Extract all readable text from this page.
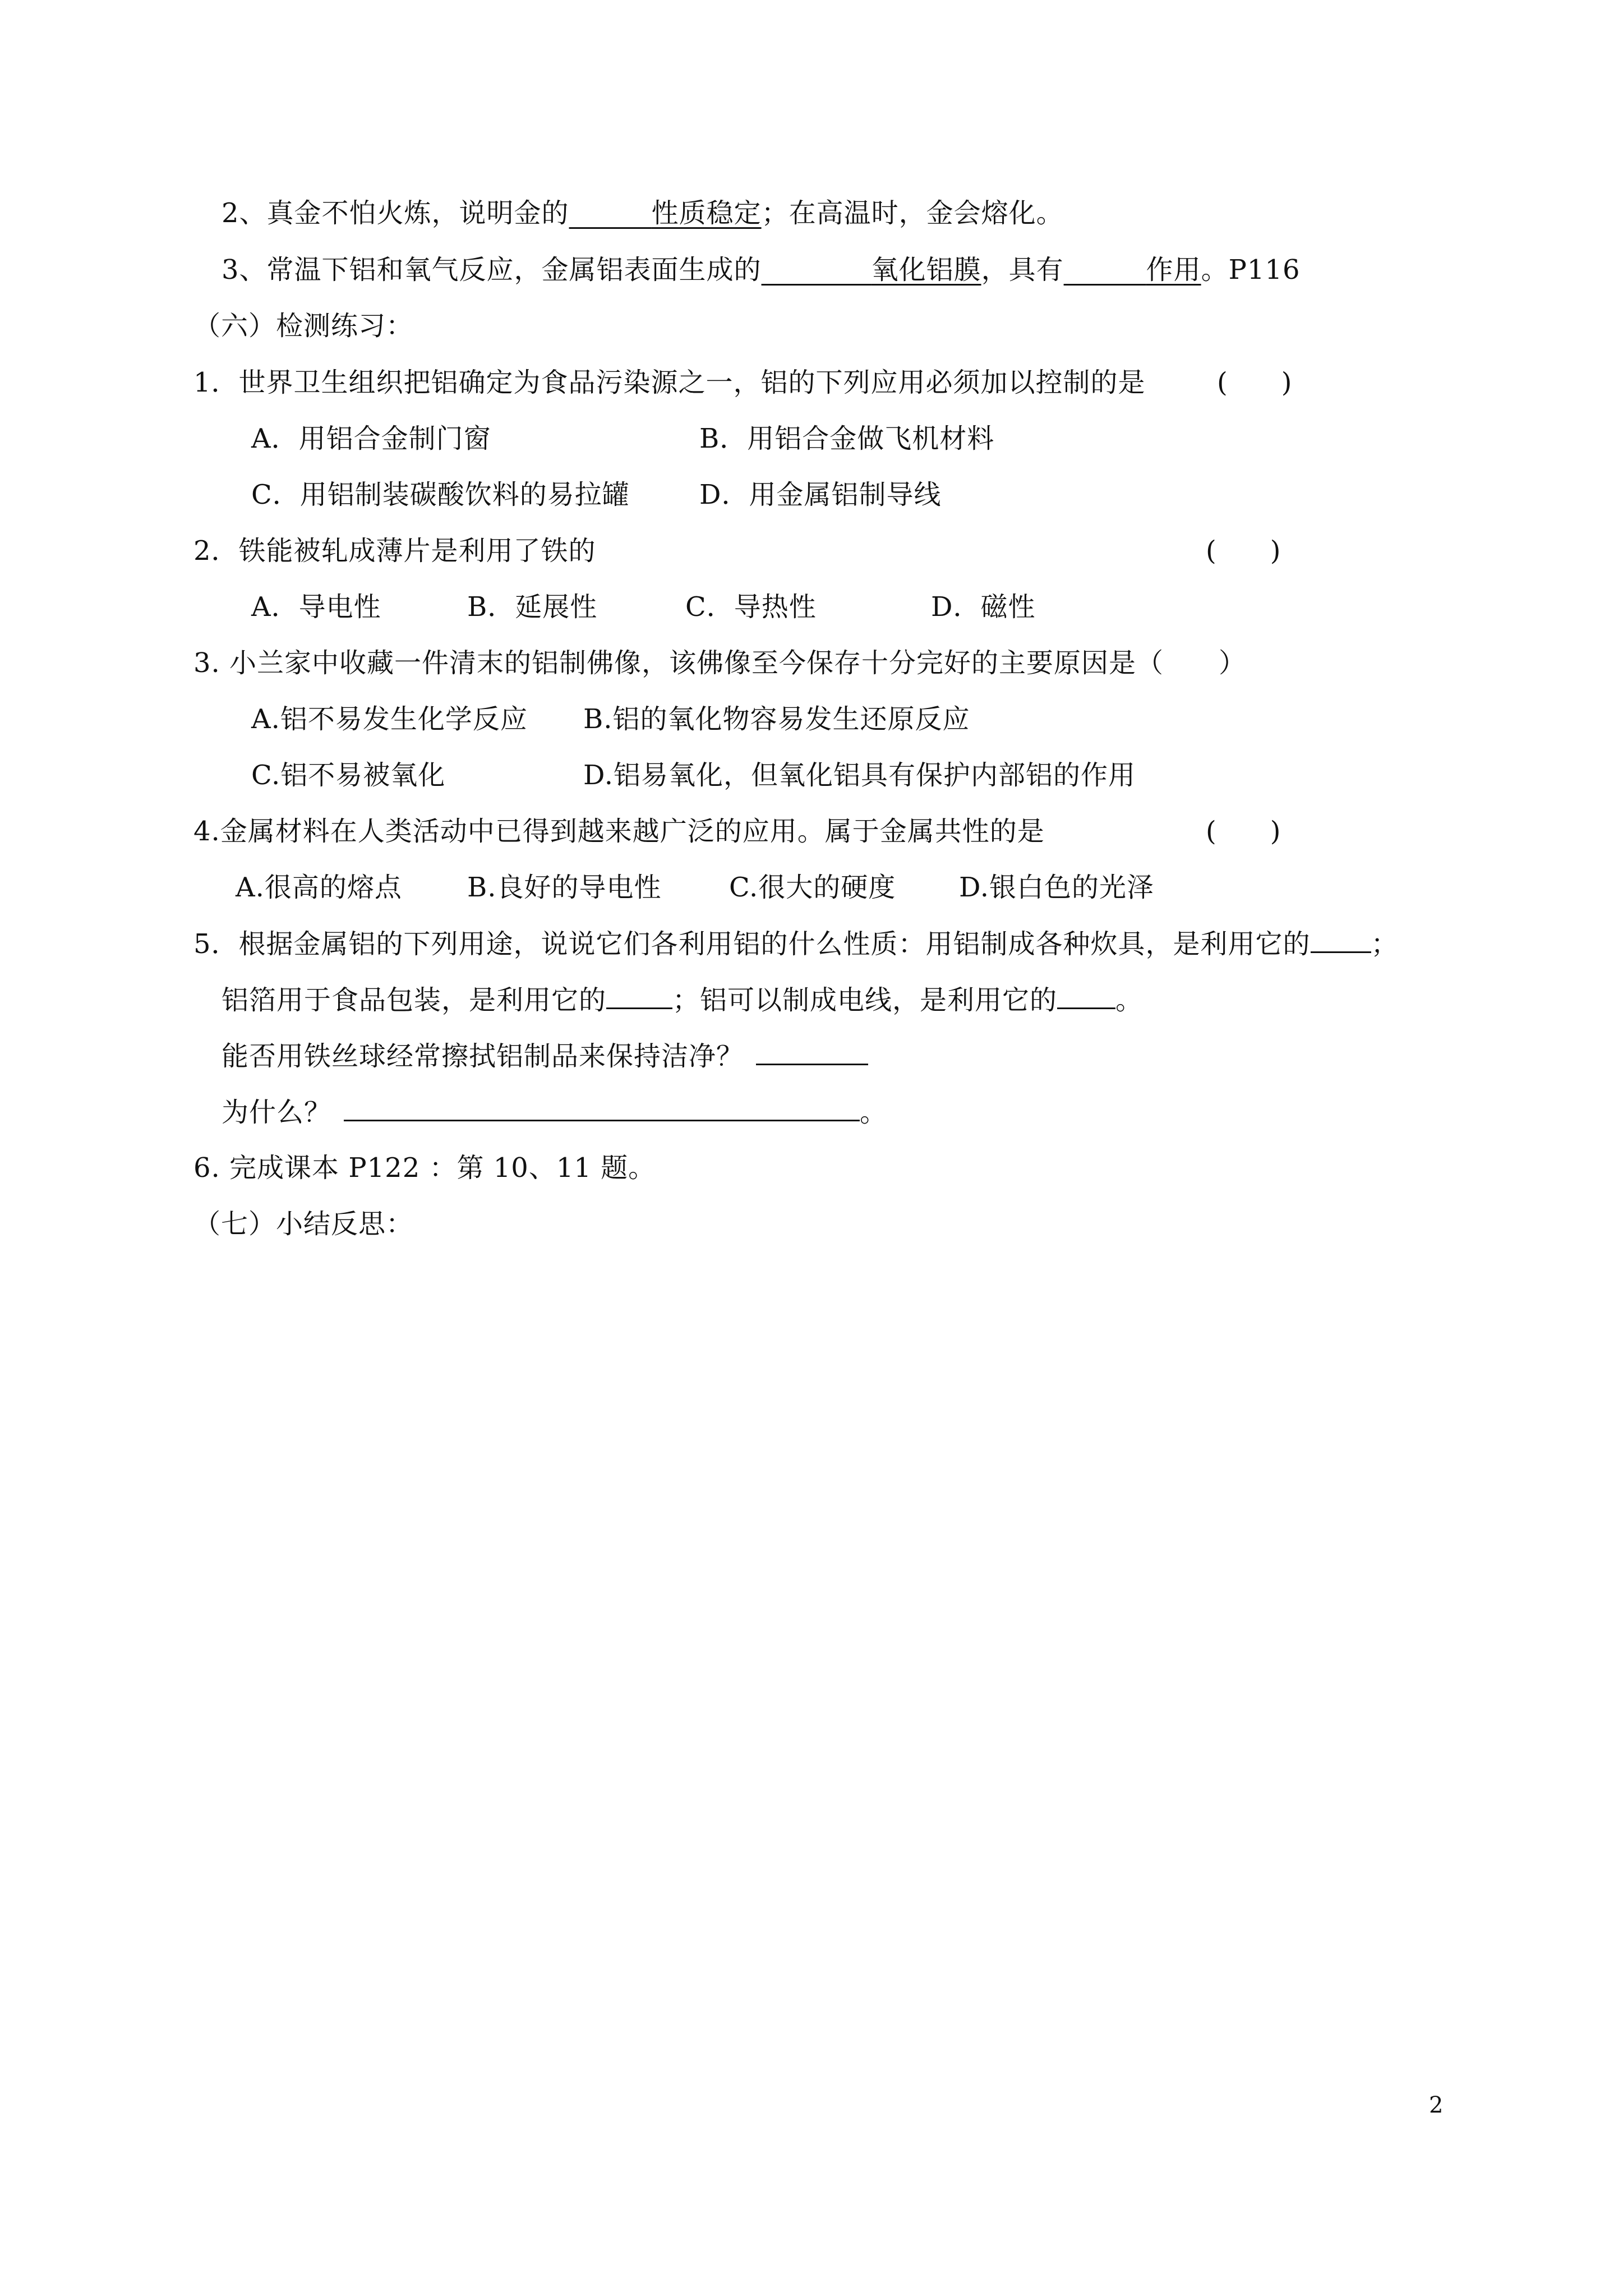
2、真金不怕火炼，说明金的　　　	性质稳定；在高温时，金会熔化。
3、常温下铝和氧气反应，金属铝表面生成的　　　　	氧化铝膜，具有　　　	作用。P116
（六）检测练习：
1．世界卫生组织把铝确定为食品污染源之一，铝的下列应用必须加以控制的是	(　　)
A．用铝合金制门窗	B．用铝合金做飞机材料
C．用铝制装碳酸饮料的易拉罐	D．用金属铝制导线
2．铁能被轧成薄片是利用了铁的	(　　)
A．导电性	B．延展性	C．导热性	D．磁性
3. 小兰家中收藏一件清末的铝制佛像，该佛像至今保存十分完好的主要原因是（　　）
A.铝不易发生化学反应 B.铝的氧化物容易发生还原反应
C.铝不易被氧化	D.铝易氧化，但氧化铝具有保护内部铝的作用
4.金属材料在人类活动中已得到越来越广泛的应用。属于金属共性的是	(　　)
A.很高的熔点 B.良好的导电性	C.很大的硬度 D.银白色的光泽
5．根据金属铝的下列用途，说说它们各利用铝的什么性质：用铝制成各种炊具，是利用它的 ；
铝箔用于食品包装，是利用它的 ；铝可以制成电线，是利用它的 。
能否用铁丝球经常擦拭铝制品来保持洁净？
为什么？	。
6. 完成课本 P122 ：第 10、11 题。
（七）小结反思：
2
